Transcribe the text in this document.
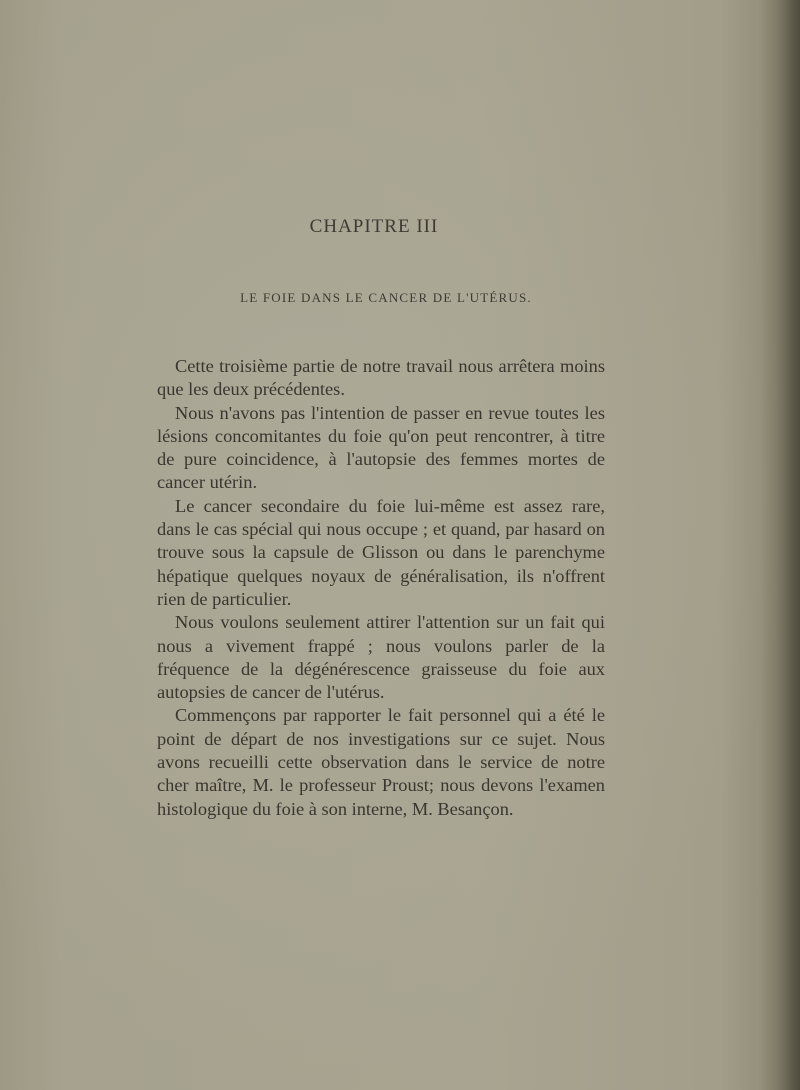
CHAPITRE III
LE FOIE DANS LE CANCER DE L'UTÉRUS.

Cette troisième partie de notre travail nous arrêtera moins que les deux précédentes.

Nous n'avons pas l'intention de passer en revue toutes les lésions concomitantes du foie qu'on peut rencontrer, à titre de pure coincidence, à l'autopsie des femmes mortes de cancer utérin.

Le cancer secondaire du foie lui-même est assez rare, dans le cas spécial qui nous occupe ; et quand, par hasard on trouve sous la capsule de Glisson ou dans le parenchyme hépatique quelques noyaux de généralisation, ils n'offrent rien de particulier.

Nous voulons seulement attirer l'attention sur un fait qui nous a vivement frappé ; nous voulons parler de la fréquence de la dégénérescence graisseuse du foie aux autopsies de cancer de l'utérus.

Commençons par rapporter le fait personnel qui a été le point de départ de nos investigations sur ce sujet. Nous avons recueilli cette observation dans le service de notre cher maître, M. le professeur Proust; nous devons l'examen histologique du foie à son interne, M. Besançon.
